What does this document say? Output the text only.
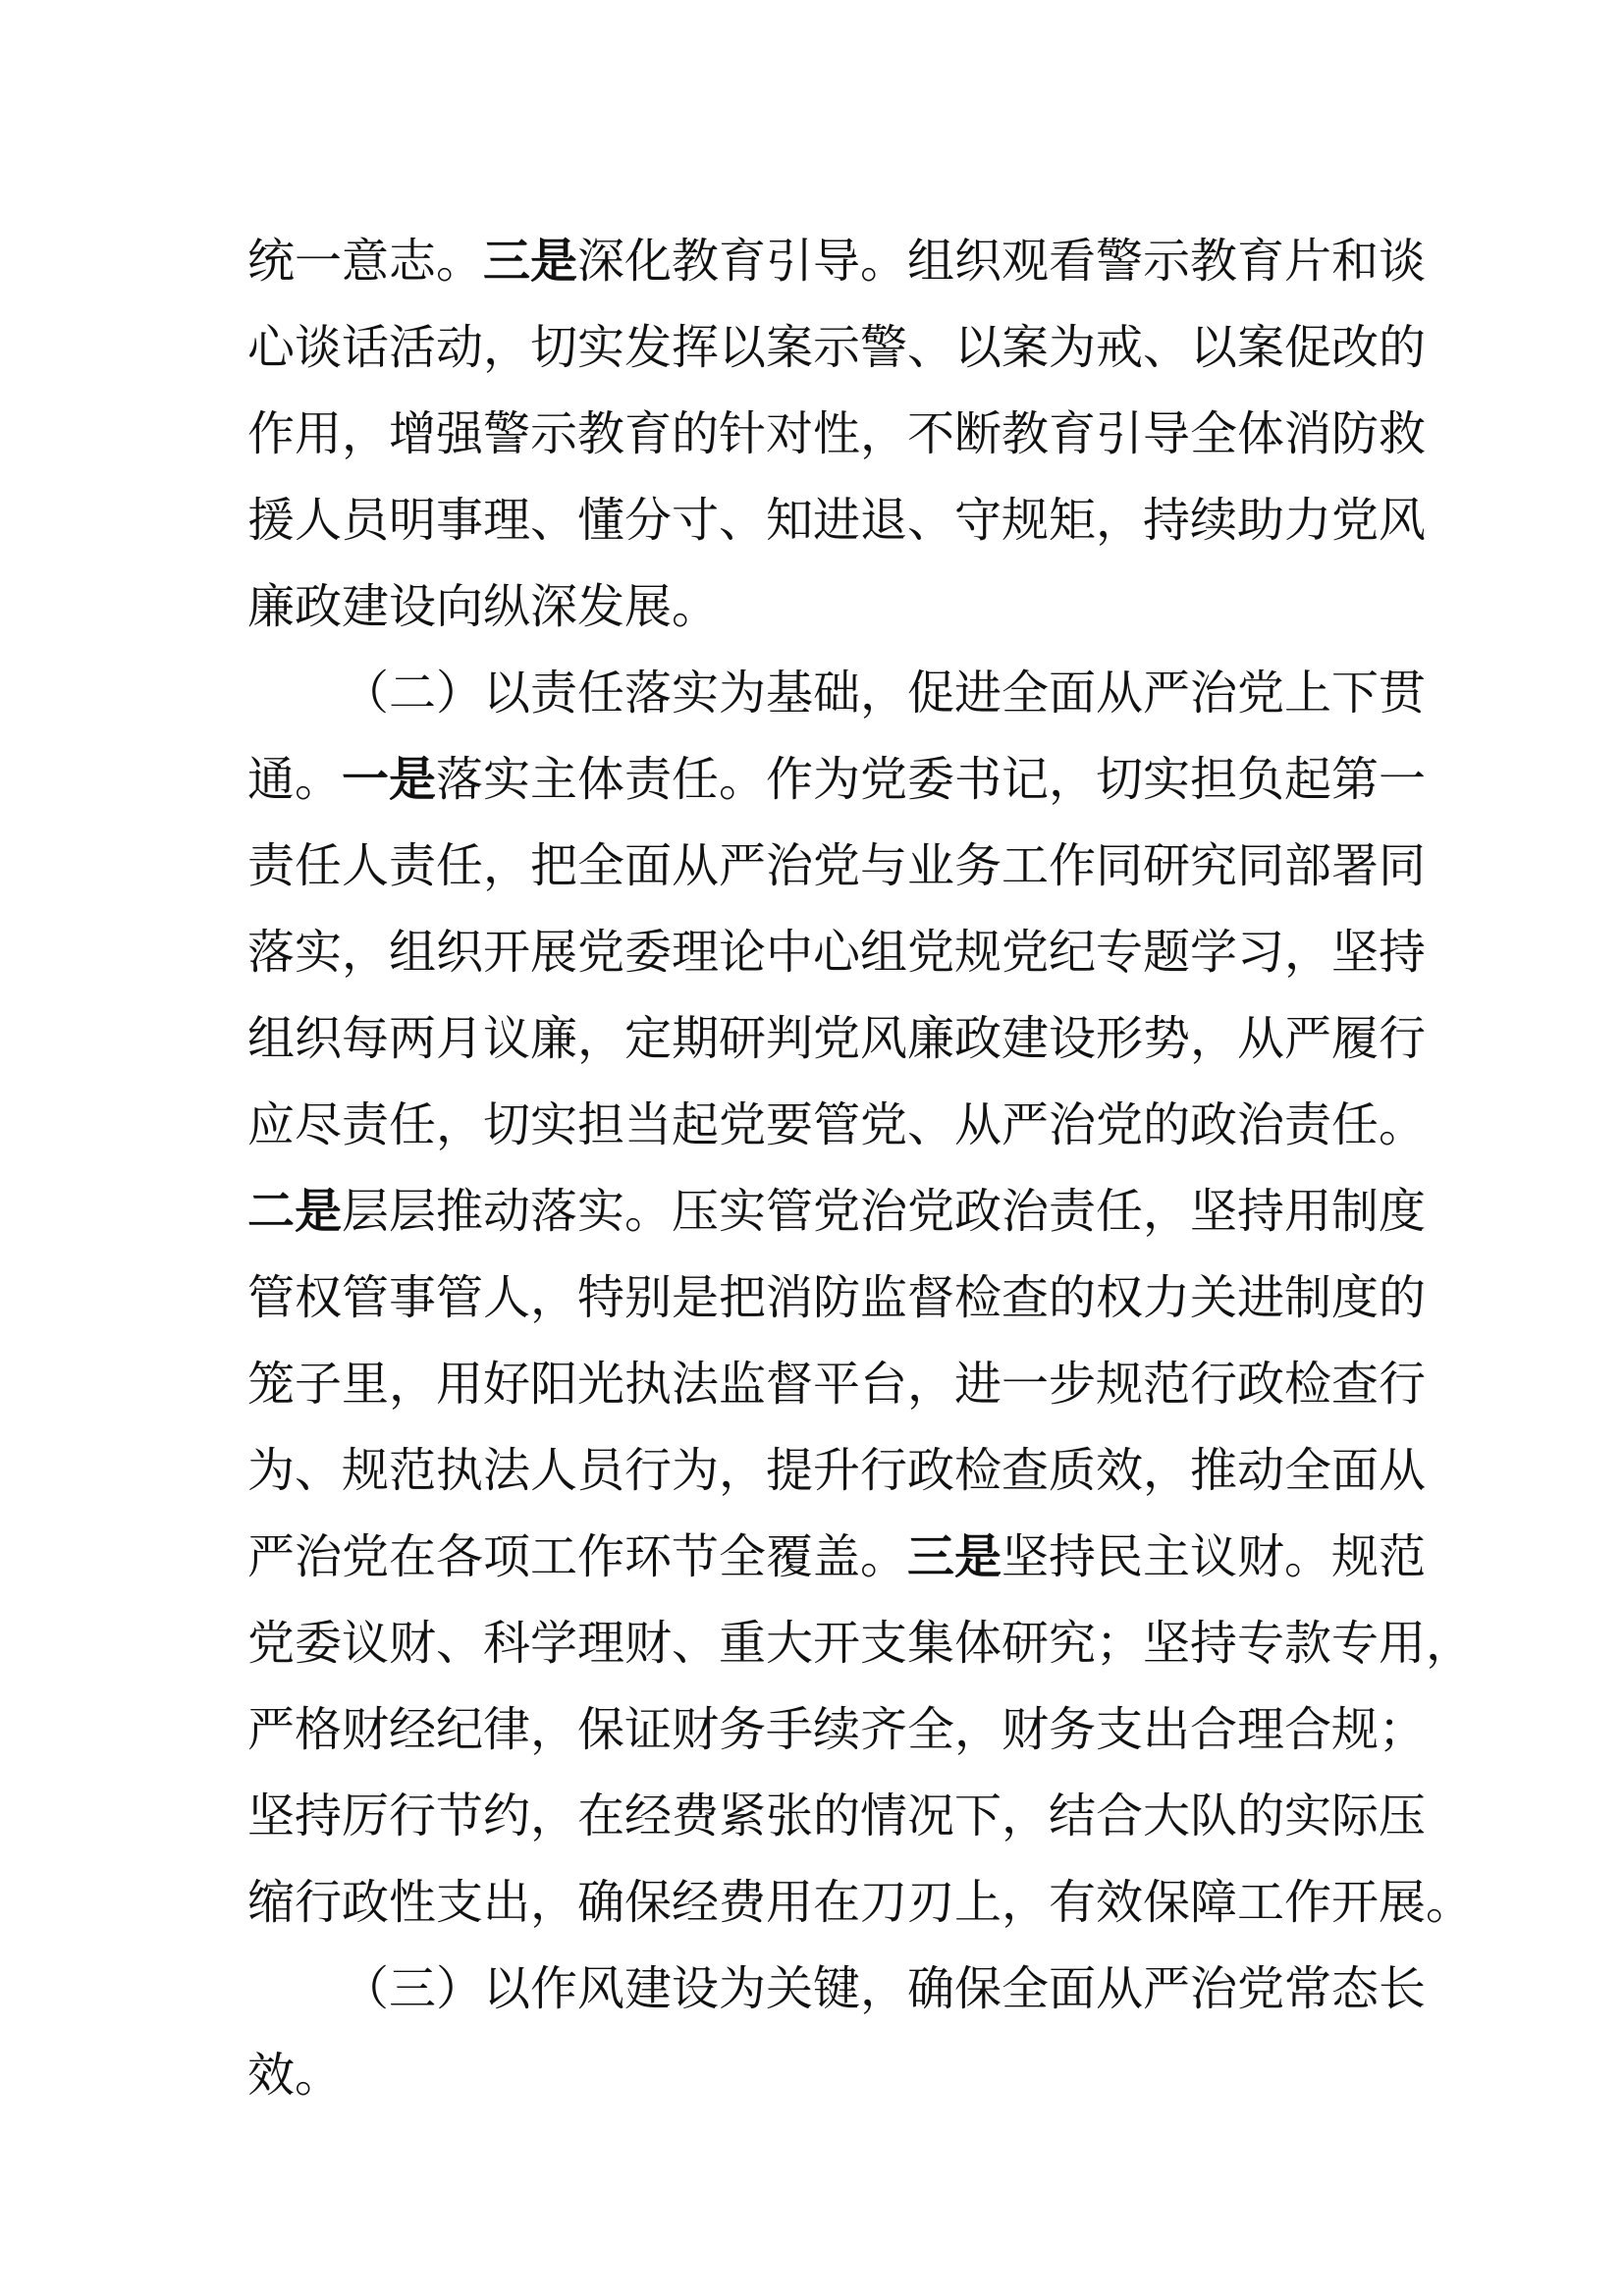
统一意志。三是深化教育引导。组织观看警示教育片和谈
心谈话活动，切实发挥以案示警、以案为戒、以案促改的
作用，增强警示教育的针对性，不断教育引导全体消防救
援人员明事理、懂分寸、知进退、守规矩，持续助力党风
廉政建设向纵深发展。
（二）以责任落实为基础，促进全面从严治党上下贯
通。一是落实主体责任。作为党委书记，切实担负起第一
责任人责任，把全面从严治党与业务工作同研究同部署同
落实，组织开展党委理论中心组党规党纪专题学习，坚持
组织每两月议廉，定期研判党风廉政建设形势，从严履行
应尽责任，切实担当起党要管党、从严治党的政治责任。
二是层层推动落实。压实管党治党政治责任，坚持用制度
管权管事管人，特别是把消防监督检查的权力关进制度的
笼子里，用好阳光执法监督平台，进一步规范行政检查行
为、规范执法人员行为，提升行政检查质效，推动全面从
严治党在各项工作环节全覆盖。三是坚持民主议财。规范
党委议财、科学理财、重大开支集体研究；坚持专款专用，
严格财经纪律，保证财务手续齐全，财务支出合理合规；
坚持厉行节约，在经费紧张的情况下，结合大队的实际压
缩行政性支出，确保经费用在刀刃上，有效保障工作开展。
（三）以作风建设为关键，确保全面从严治党常态长
效。
